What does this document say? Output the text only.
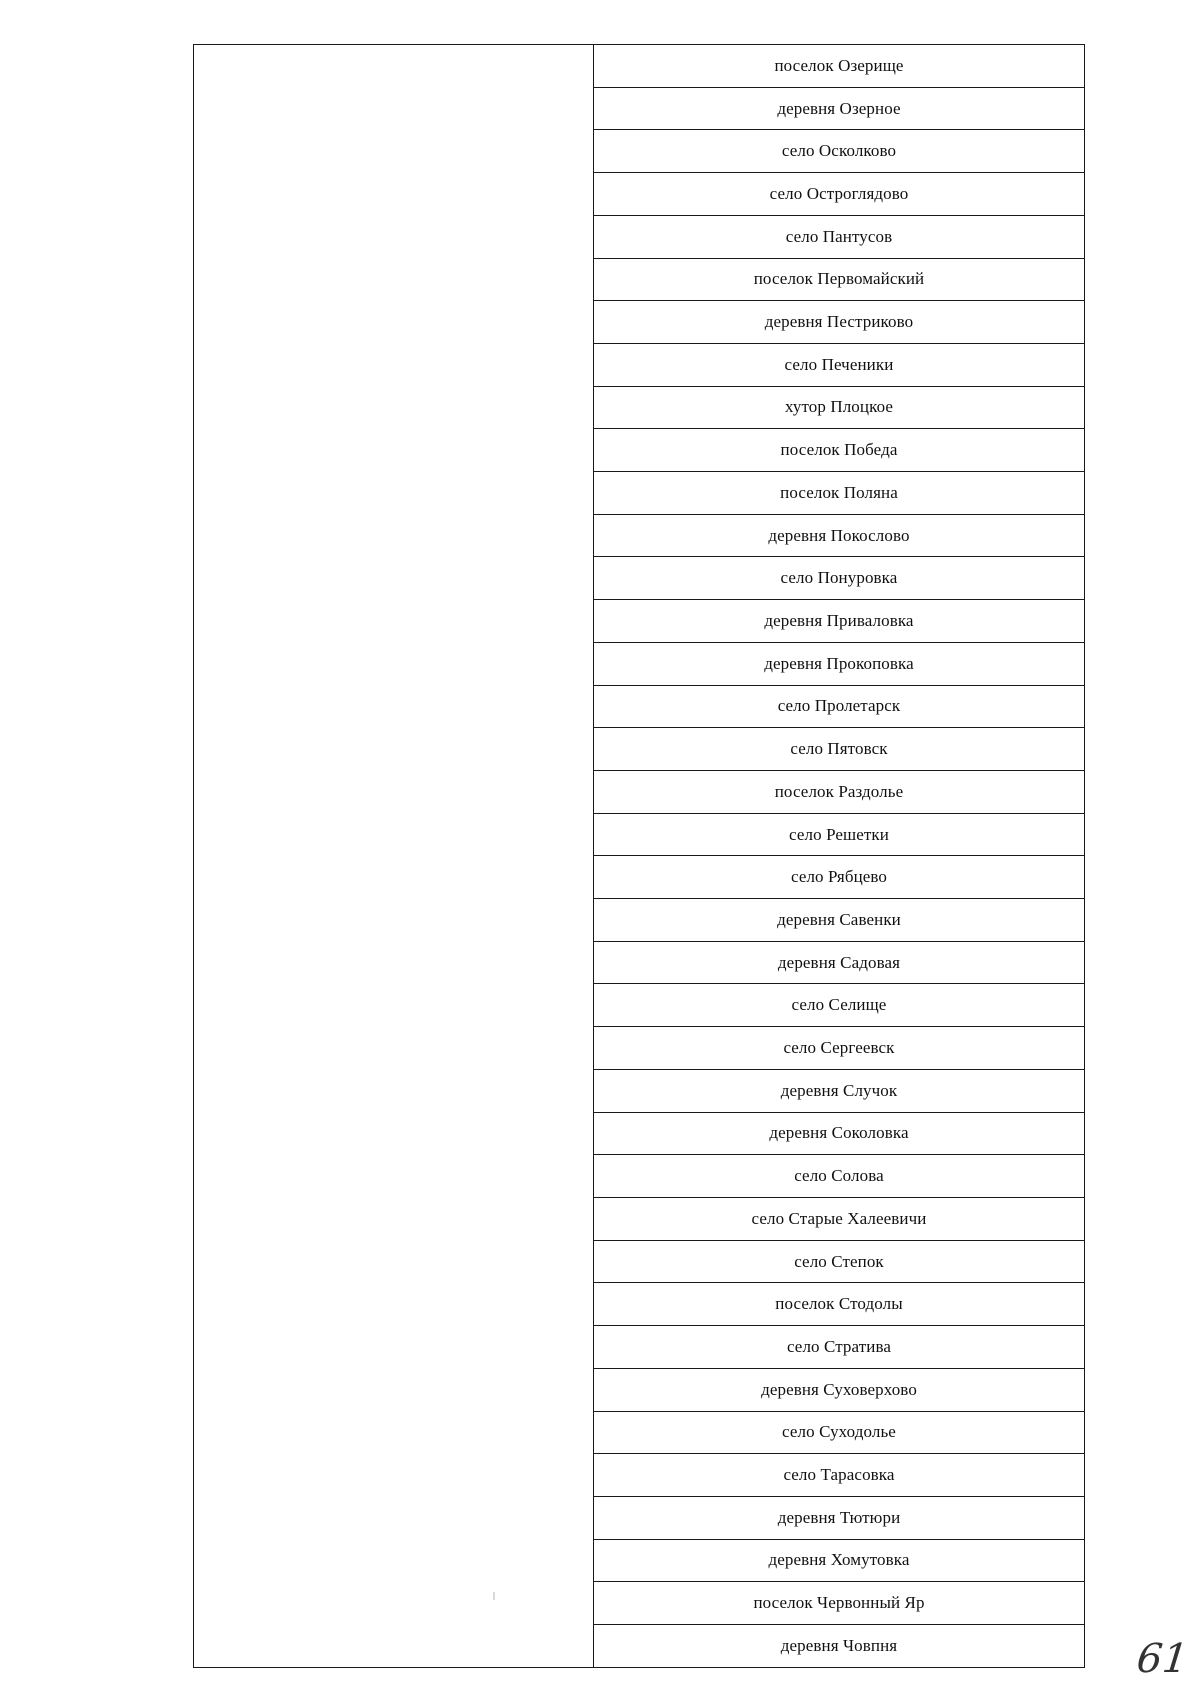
поселок Озерище
деревня Озерное
село Осколково
село Остроглядово
село Пантусов
поселок Первомайский
деревня Пестриково
село Печеники
хутор Плоцкое
поселок Победа
поселок Поляна
деревня Покослово
село Понуровка
деревня Приваловка
деревня Прокоповка
село Пролетарск
село Пятовск
поселок Раздолье
село Решетки
село Рябцево
деревня Савенки
деревня Садовая
село Селище
село Сергеевск
деревня Случок
деревня Соколовка
село Солова
село Старые Халеевичи
село Степок
поселок Стодолы
село Стратива
деревня Суховерхово
село Суходолье
село Тарасовка
деревня Тютюри
деревня Хомутовка
поселок Червонный Яр
деревня Човпня	61
